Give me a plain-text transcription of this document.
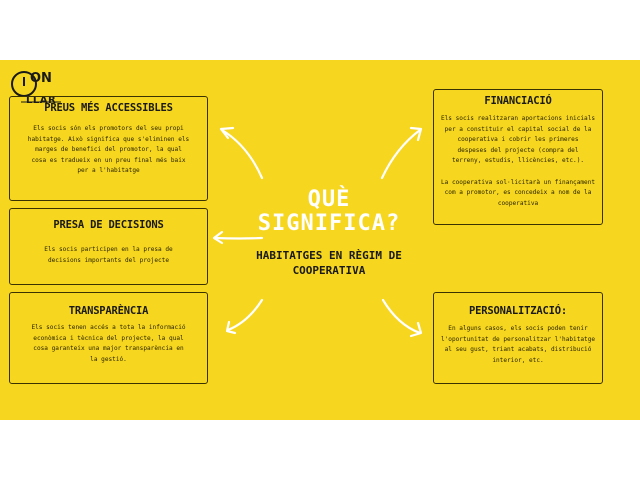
ON
LLAR
PREUS MÉS ACCESSIBLES
Els socis són els promotors del seu propi
habitatge. Això significa que s'eliminen els
marges de benefici del promotor, la qual
cosa es tradueix en un preu final més baix
per a l'habitatge
PRESA DE DECISIONS
Els socis participen en la presa de
decisions importants del projecte
TRANSPARÈNCIA
Els socis tenen accés a tota la informació
econòmica i tècnica del projecte, la qual
cosa garanteix una major transparència en
la gestió.
FINANCIACIÓ
Els socis realitzaran aportacions inicials
per a constituir el capital social de la
cooperativa i cobrir les primeres
despeses del projecte (compra del
terreny, estudis, llicències, etc.).
La cooperativa sol·licitarà un finançament
com a promotor, es concedeix a nom de la
cooperativa
PERSONALITZACIÓ:
En alguns casos, els socis poden tenir
l'oportunitat de personalitzar l'habitatge
al seu gust, triant acabats, distribució
interior, etc.
QUÈ
SIGNIFICA?
HABITATGES EN RÈGIM DE
COOPERATIVA
